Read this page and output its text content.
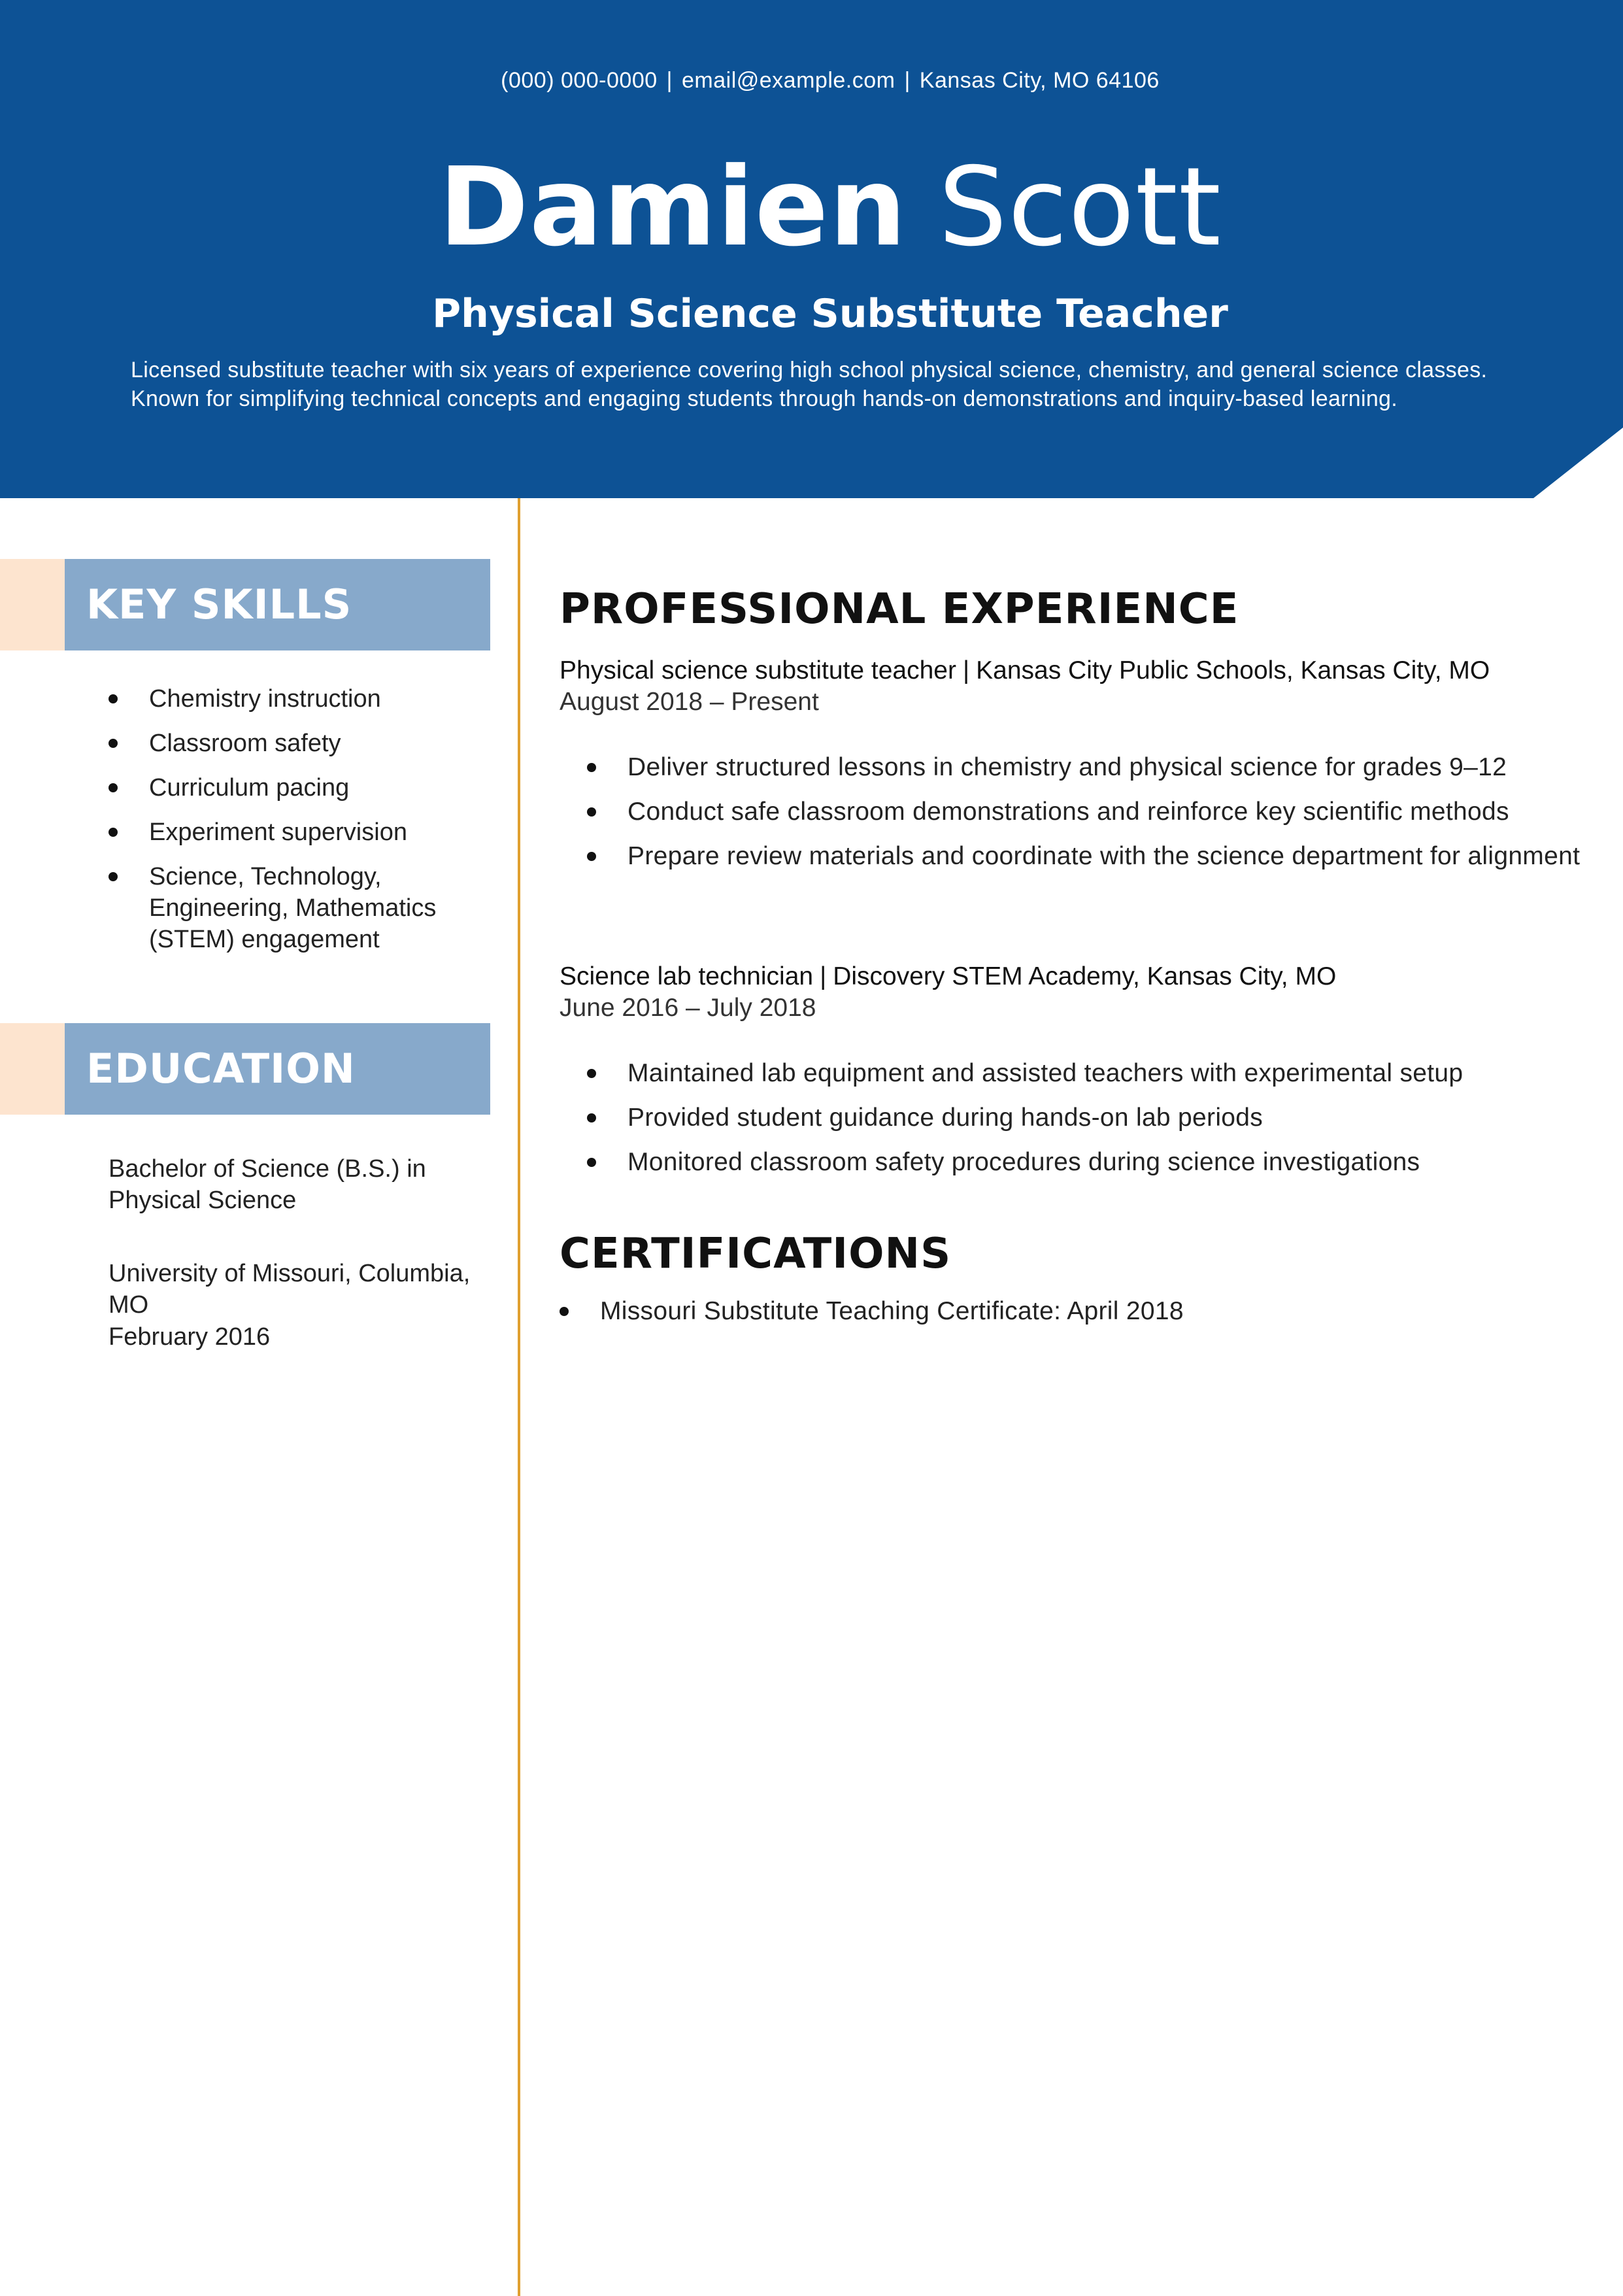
(000) 000-0000 | email@example.com | Kansas City, MO 64106
Damien Scott
Physical Science Substitute Teacher
Licensed substitute teacher with six years of experience covering high school physical science, chemistry, and general science classes. Known for simplifying technical concepts and engaging students through hands-on demonstrations and inquiry-based learning.
KEY SKILLS
Chemistry instruction
Classroom safety
Curriculum pacing
Experiment supervision
Science, Technology, Engineering, Mathematics (STEM) engagement
EDUCATION

Bachelor of Science (B.S.) in Physical Science

University of Missouri, Columbia, MO

February 2016

PROFESSIONAL EXPERIENCE
Physical science substitute teacher | Kansas City Public Schools, Kansas City, MO
August 2018 – Present
Deliver structured lessons in chemistry and physical science for grades 9–12
Conduct safe classroom demonstrations and reinforce key scientific methods
Prepare review materials and coordinate with the science department for alignment
Science lab technician | Discovery STEM Academy, Kansas City, MO
June 2016 – July 2018
Maintained lab equipment and assisted teachers with experimental setup
Provided student guidance during hands-on lab periods
Monitored classroom safety procedures during science investigations
CERTIFICATIONS
Missouri Substitute Teaching Certificate: April 2018
